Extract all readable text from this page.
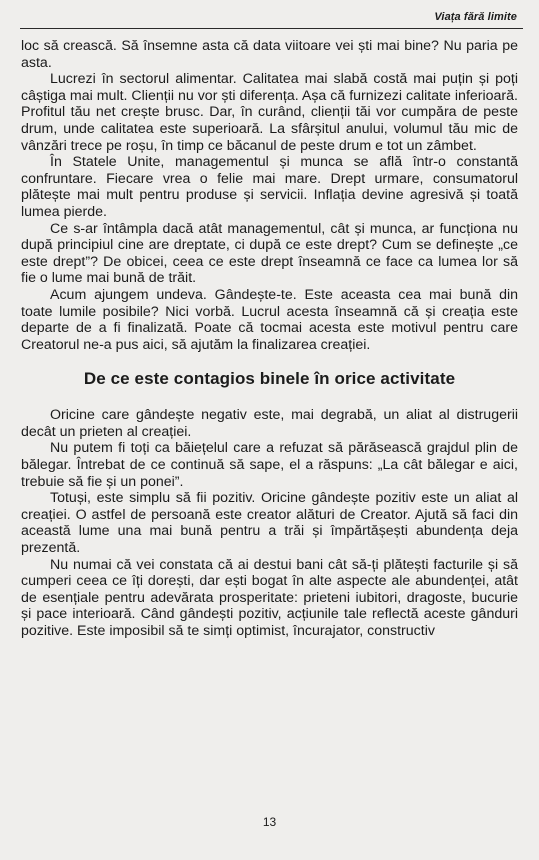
Viața fără limite

loc să crească. Să însemne asta că data viitoare vei ști mai bine? Nu paria pe asta.

Lucrezi în sectorul alimentar. Calitatea mai slabă costă mai puțin și poți câștiga mai mult. Clienții nu vor ști diferența. Așa că furnizezi calitate inferioară. Profitul tău net crește brusc. Dar, în curând, clienții tăi vor cumpăra de peste drum, unde calitatea este superioară. La sfârșitul anului, volumul tău mic de vânzări trece pe roșu, în timp ce băcanul de peste drum e tot un zâmbet.

În Statele Unite, managementul și munca se află într-o constantă confruntare. Fiecare vrea o felie mai mare. Drept urmare, consumatorul plătește mai mult pentru produse și servicii. Inflația devine agresivă și toată lumea pierde.

Ce s-ar întâmpla dacă atât managementul, cât și munca, ar funcționa nu după principiul cine are dreptate, ci după ce este drept? Cum se definește „ce este drept”? De obicei, ceea ce este drept înseamnă ce face ca lumea lor să fie o lume mai bună de trăit.

Acum ajungem undeva. Gândește-te. Este aceasta cea mai bună din toate lumile posibile? Nici vorbă. Lucrul acesta înseamnă că și creația este departe de a fi finalizată. Poate că tocmai acesta este motivul pentru care Creatorul ne-a pus aici, să ajutăm la finalizarea creației.

De ce este contagios binele în orice activitate

Oricine care gândește negativ este, mai degrabă, un aliat al distrugerii decât un prieten al creației.

Nu putem fi toți ca băiețelul care a refuzat să părăsească grajdul plin de bălegar. Întrebat de ce continuă să sape, el a răspuns: „La cât bălegar e aici, trebuie să fie și un ponei”.

Totuși, este simplu să fii pozitiv. Oricine gândește pozitiv este un aliat al creației. O astfel de persoană este creator alături de Creator. Ajută să faci din această lume una mai bună pentru a trăi și împărtășești abundența deja prezentă.

Nu numai că vei constata că ai destui bani cât să-ți plătești facturile și să cumperi ceea ce îți dorești, dar ești bogat în alte aspecte ale abundenței, atât de esențiale pentru adevărata prosperitate: prieteni iubitori, dragoste, bucurie și pace interioară. Când gândești pozitiv, acțiunile tale reflectă aceste gânduri pozitive. Este imposibil să te simți optimist, încurajator, constructiv

13
